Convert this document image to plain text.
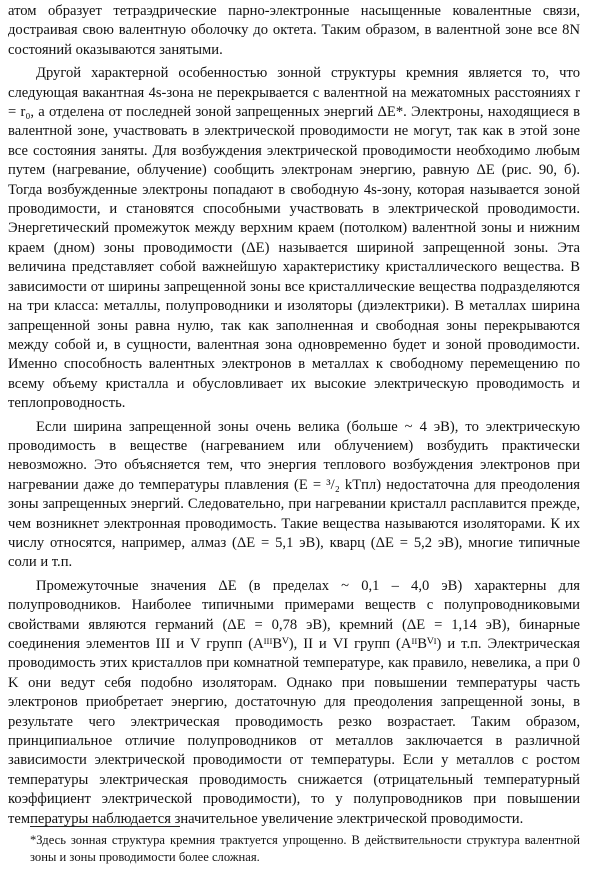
атом образует тетраэдрические парно-электронные насыщенные ковалентные связи, достраивая свою валентную оболочку до октета. Таким образом, в валентной зоне все 8N состояний оказываются занятыми.

Другой характерной особенностью зонной структуры кремния является то, что следующая вакантная 4s-зона не перекрывается с валентной на межатомных расстояниях r = r₀, а отделена от последней зоной запрещенных энергий ΔE*. Электроны, находящиеся в валентной зоне, участвовать в электрической проводимости не могут, так как в этой зоне все состояния заняты. Для возбуждения электрической проводимости необходимо любым путем (нагревание, облучение) сообщить электронам энергию, равную ΔE (рис. 90, б). Тогда возбужденные электроны попадают в свободную 4s-зону, которая называется зоной проводимости, и становятся способными участвовать в электрической проводимости. Энергетический промежуток между верхним краем (потолком) валентной зоны и нижним краем (дном) зоны проводимости (ΔE) называется шириной запрещенной зоны. Эта величина представляет собой важнейшую характеристику кристаллического вещества. В зависимости от ширины запрещенной зоны все кристаллические вещества подразделяются на три класса: металлы, полупроводники и изоляторы (диэлектрики). В металлах ширина запрещенной зоны равна нулю, так как заполненная и свободная зоны перекрываются между собой и, в сущности, валентная зона одновременно будет и зоной проводимости. Именно способность валентных электронов в металлах к свободному перемещению по всему объему кристалла и обусловливает их высокие электрическую проводимость и теплопроводность.

Если ширина запрещенной зоны очень велика (больше ~ 4 эВ), то электрическую проводимость в веществе (нагреванием или облучением) возбудить практически невозможно. Это объясняется тем, что энергия теплового возбуждения электронов при нагревании даже до температуры плавления (E = ³/₂ kTпл) недостаточна для преодоления зоны запрещенных энергий. Следовательно, при нагревании кристалл расплавится прежде, чем возникнет электронная проводимость. Такие вещества называются изоляторами. К их числу относятся, например, алмаз (ΔE = 5,1 эВ), кварц (ΔE = 5,2 эВ), многие типичные соли и т.п.

Промежуточные значения ΔE (в пределах ~ 0,1 – 4,0 эВ) характерны для полупроводников. Наиболее типичными примерами веществ с полупроводниковыми свойствами являются германий (ΔE = 0,78 эВ), кремний (ΔE = 1,14 эВ), бинарные соединения элементов III и V групп (AᴵᴵᴵBⱽ), II и VI групп (AᴵᴵBⱽᴵ) и т.п. Электрическая проводимость этих кристаллов при комнатной температуре, как правило, невелика, а при 0 K они ведут себя подобно изоляторам. Однако при повышении температуры часть электронов приобретает энергию, достаточную для преодоления запрещенной зоны, в результате чего электрическая проводимость резко возрастает. Таким образом, принципиальное отличие полупроводников от металлов заключается в различной зависимости электрической проводимости от температуры. Если у металлов с ростом температуры электрическая проводимость снижается (отрицательный температурный коэффициент электрической проводимости), то у полупроводников при повышении температуры наблюдается значительное увеличение электрической проводимости.

*Здесь зонная структура кремния трактуется упрощенно. В действительности структура валентной зоны и зоны проводимости более сложная.
